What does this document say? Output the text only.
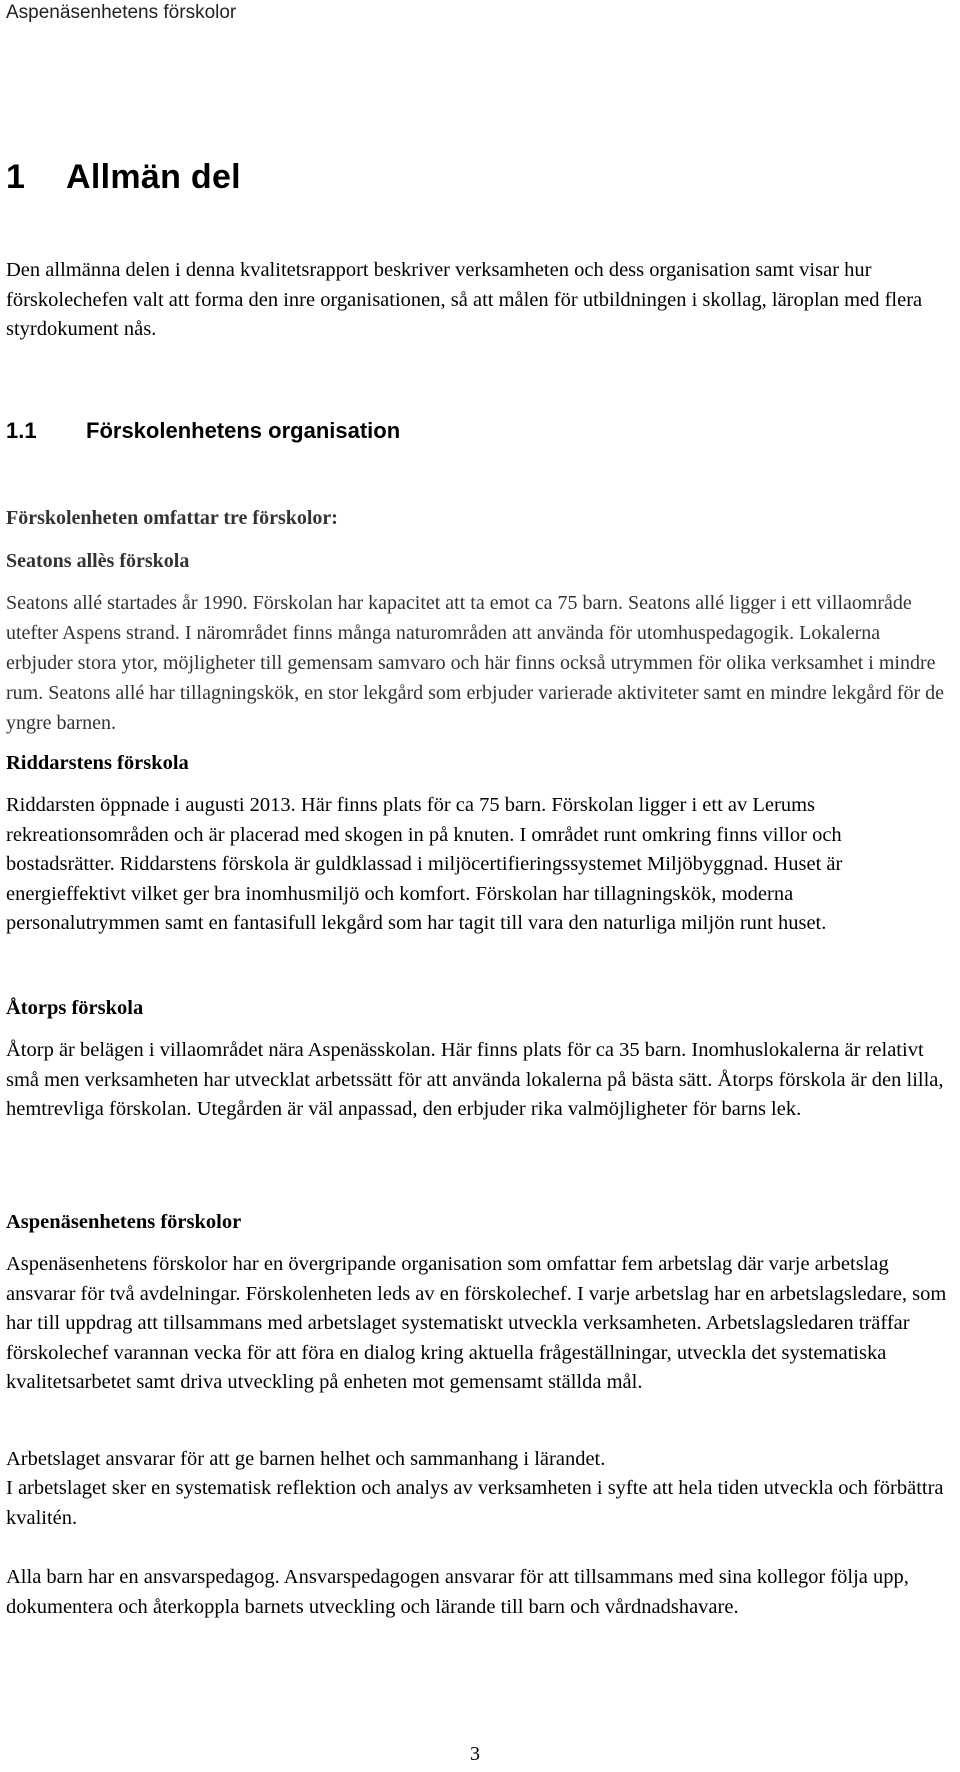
Aspenäsenhetens förskolor
1 Allmän del

Den allmänna delen i denna kvalitetsrapport beskriver verksamheten och dess organisation samt visar hur förskolechefen valt att forma den inre organisationen, så att målen för utbildningen i skollag, läroplan med flera styrdokument nås.

1.1 Förskolenhetens organisation

Förskolenheten omfattar tre förskolor:

Seatons allès förskola

Seatons allé startades år 1990. Förskolan har kapacitet att ta emot ca 75 barn. Seatons allé ligger i ett villaområde utefter Aspens strand. I närområdet finns många naturområden att använda för utomhuspedagogik. Lokalerna erbjuder stora ytor, möjligheter till gemensam samvaro och här finns också utrymmen för olika verksamhet i mindre rum. Seatons allé har tillagningskök, en stor lekgård som erbjuder varierade aktiviteter samt en mindre lekgård för de yngre barnen.

Riddarstens förskola

Riddarsten öppnade i augusti 2013. Här finns plats för ca 75 barn. Förskolan ligger i ett av Lerums rekreationsområden och är placerad med skogen in på knuten. I området runt omkring finns villor och bostadsrätter. Riddarstens förskola är guldklassad i miljöcertifieringssystemet Miljöbyggnad. Huset är energieffektivt vilket ger bra inomhusmiljö och komfort. Förskolan har tillagningskök, moderna personalutrymmen samt en fantasifull lekgård som har tagit till vara den naturliga miljön runt huset.

Åtorps förskola

Åtorp är belägen i villaområdet nära Aspenässkolan. Här finns plats för ca 35 barn. Inomhuslokalerna är relativt små men verksamheten har utvecklat arbetssätt för att använda lokalerna på bästa sätt. Åtorps förskola är den lilla, hemtrevliga förskolan. Utegården är väl anpassad, den erbjuder rika valmöjligheter för barns lek.

Aspenäsenhetens förskolor

Aspenäsenhetens förskolor har en övergripande organisation som omfattar fem arbetslag där varje arbetslag ansvarar för två avdelningar. Förskolenheten leds av en förskolechef. I varje arbetslag har en arbetslagsledare, som har till uppdrag att tillsammans med arbetslaget systematiskt utveckla verksamheten. Arbetslagsledaren träffar förskolechef varannan vecka för att föra en dialog kring aktuella frågeställningar, utveckla det systematiska kvalitetsarbetet samt driva utveckling på enheten mot gemensamt ställda mål.

Arbetslaget ansvarar för att ge barnen helhet och sammanhang i lärandet.

I arbetslaget sker en systematisk reflektion och analys av verksamheten i syfte att hela tiden utveckla och förbättra kvalitén.

Alla barn har en ansvarspedagog. Ansvarspedagogen ansvarar för att tillsammans med sina kollegor följa upp, dokumentera och återkoppla barnets utveckling och lärande till barn och vårdnadshavare.

3
